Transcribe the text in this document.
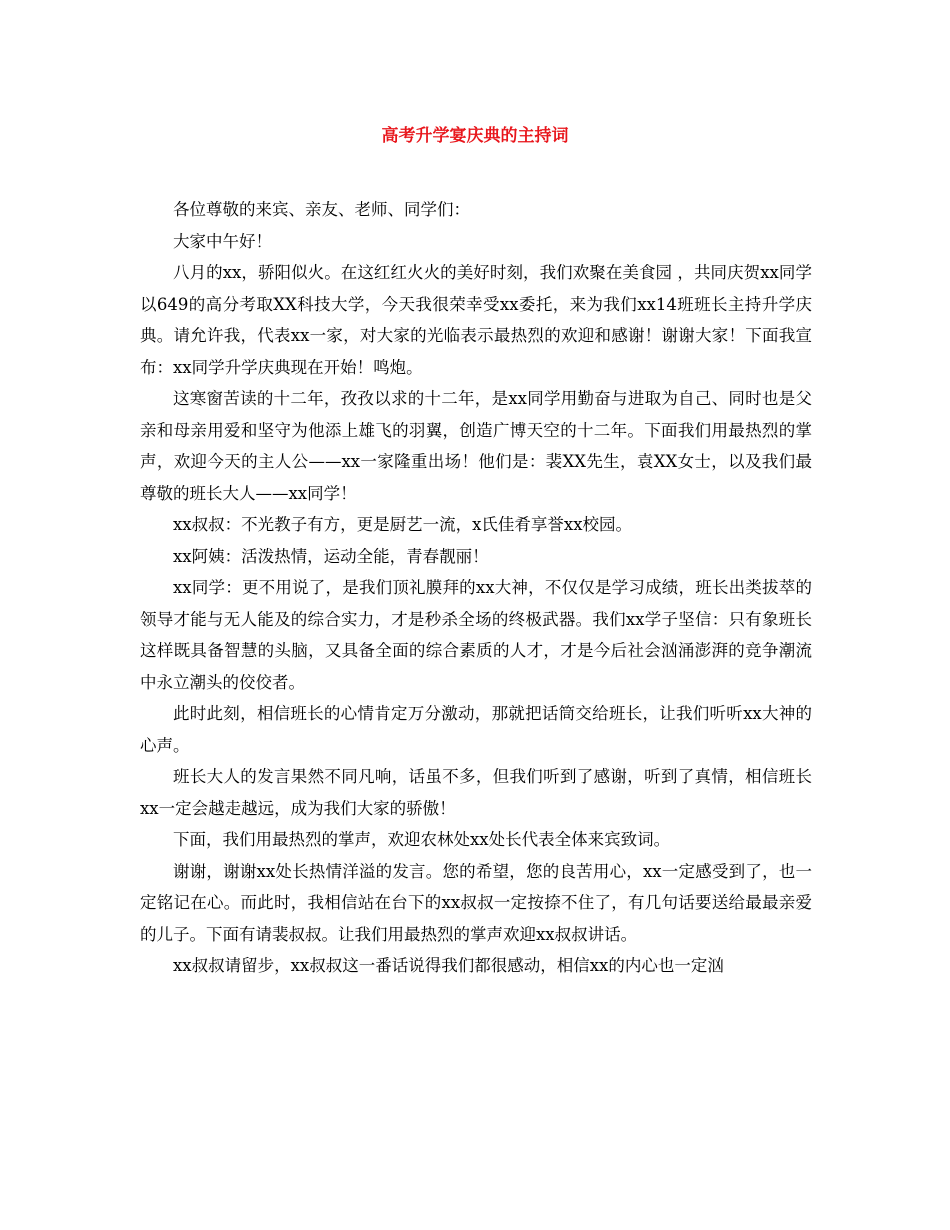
高考升学宴庆典的主持词

各位尊敬的来宾、亲友、老师、同学们：

大家中午好！

八月的xx，骄阳似火。在这红红火火的美好时刻，我们欢聚在美食园 ，共同庆贺xx同学以649的高分考取XX科技大学，今天我很荣幸受xx委托，来为我们xx14班班长主持升学庆典。请允许我，代表xx一家，对大家的光临表示最热烈的欢迎和感谢！谢谢大家！下面我宣布：xx同学升学庆典现在开始！鸣炮。

这寒窗苦读的十二年，孜孜以求的十二年，是xx同学用勤奋与进取为自己、同时也是父亲和母亲用爱和坚守为他添上雄飞的羽翼，创造广博天空的十二年。下面我们用最热烈的掌声，欢迎今天的主人公——xx一家隆重出场！他们是：裴XX先生，袁XX女士，以及我们最尊敬的班长大人——xx同学！

xx叔叔：不光教子有方，更是厨艺一流，x氏佳肴享誉xx校园。

xx阿姨：活泼热情，运动全能，青春靓丽！

xx同学：更不用说了，是我们顶礼膜拜的xx大神，不仅仅是学习成绩，班长出类拔萃的领导才能与无人能及的综合实力，才是秒杀全场的终极武器。我们xx学子坚信：只有象班长这样既具备智慧的头脑，又具备全面的综合素质的人才，才是今后社会汹涌澎湃的竞争潮流中永立潮头的佼佼者。

此时此刻，相信班长的心情肯定万分激动，那就把话筒交给班长，让我们听听xx大神的心声。

班长大人的发言果然不同凡响，话虽不多，但我们听到了感谢，听到了真情，相信班长xx一定会越走越远，成为我们大家的骄傲！

下面，我们用最热烈的掌声，欢迎农林处xx处长代表全体来宾致词。

谢谢，谢谢xx处长热情洋溢的发言。您的希望，您的良苦用心，xx一定感受到了，也一定铭记在心。而此时，我相信站在台下的xx叔叔一定按捺不住了，有几句话要送给最最亲爱的儿子。下面有请裴叔叔。让我们用最热烈的掌声欢迎xx叔叔讲话。

xx叔叔请留步，xx叔叔这一番话说得我们都很感动，相信xx的内心也一定汹
